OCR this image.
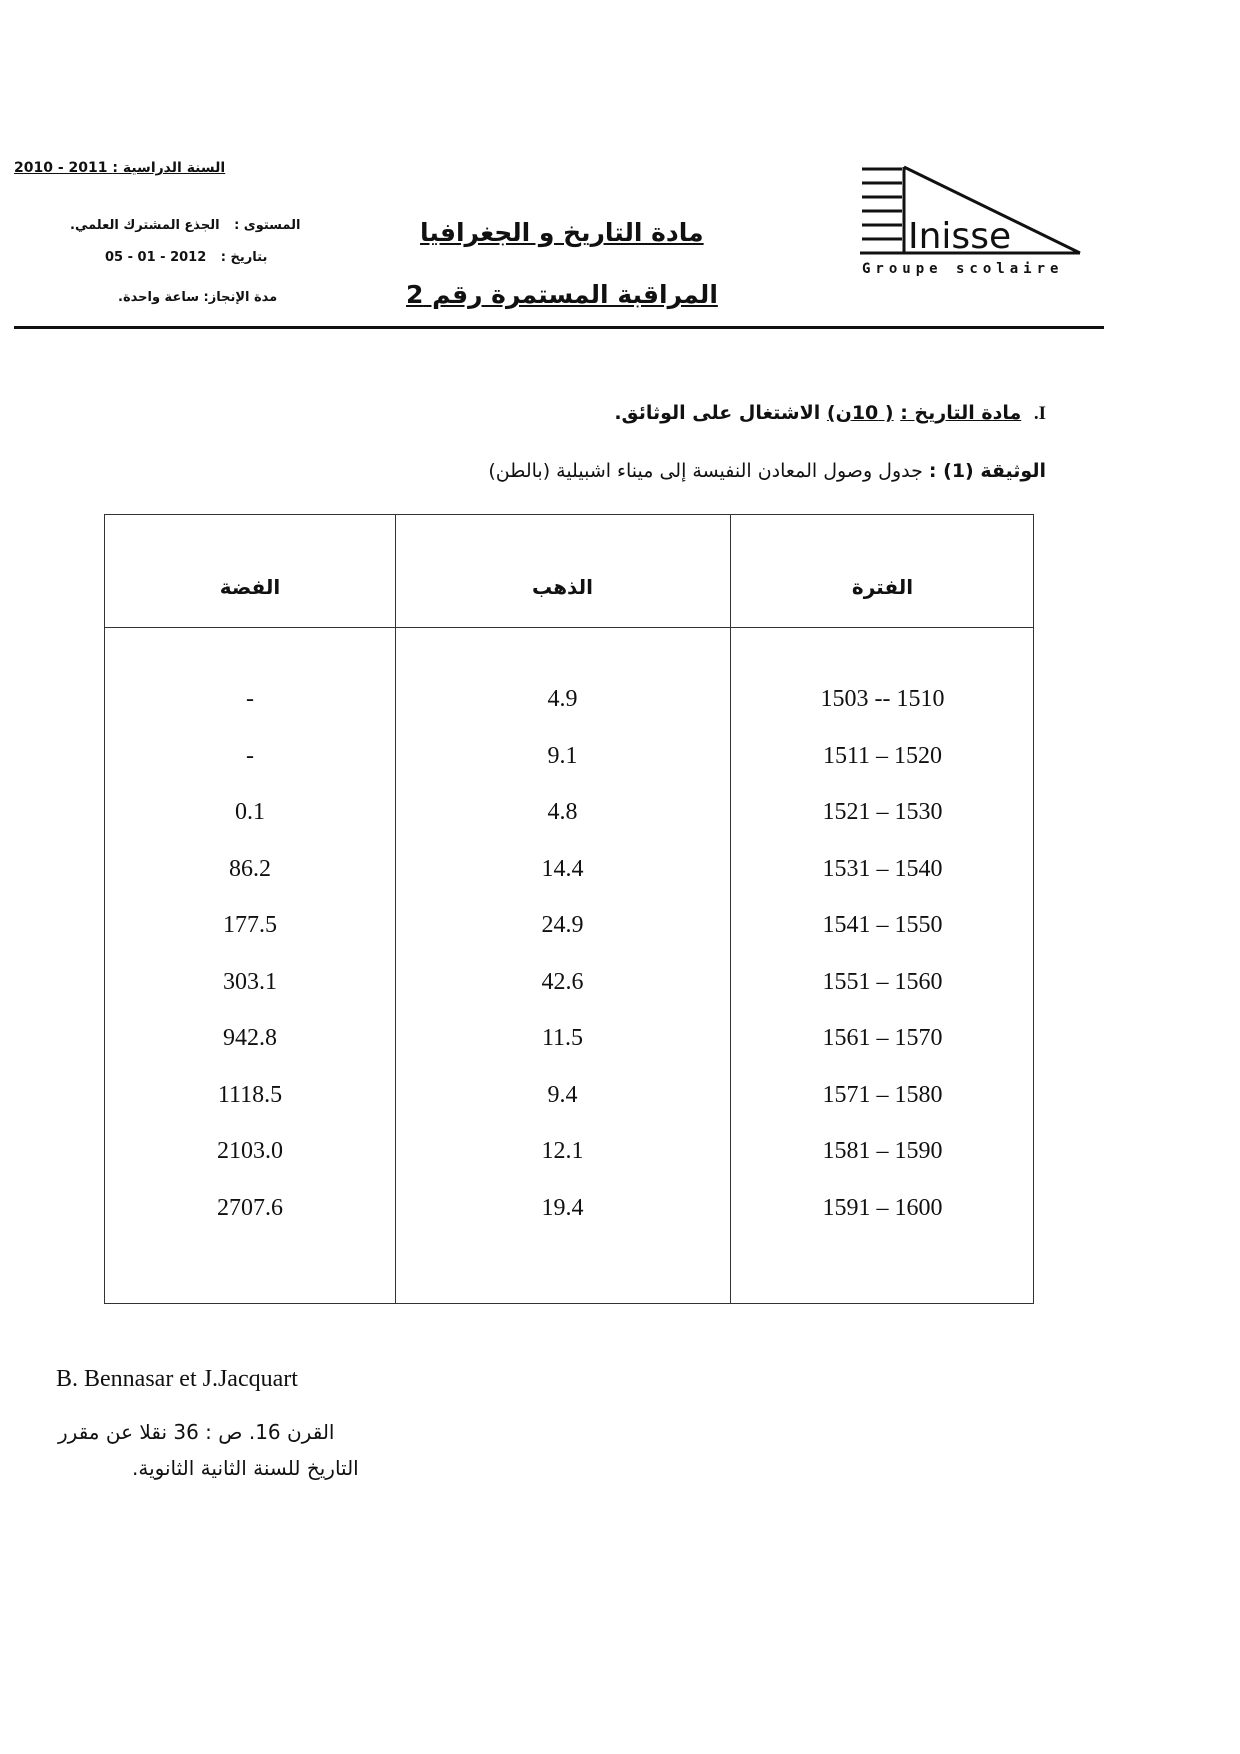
السنة الدراسية : 2010 - 2011
المستوى : الجذع المشترك العلمي.
بتاريخ : 05 - 01 - 2012
مدة الإنجاز: ساعة واحدة.
مادة التاريخ و الجغرافيا
المراقبة المستمرة رقم 2
Inisse
Groupe scolaire
I. مادة التاريخ : ( 10ن) الاشتغال على الوثائق.
الوثيقة (1) : جدول وصول المعادن النفيسة إلى ميناء اشبيلية (بالطن)
الفضة	الذهب	الفترة
-	4.9	1503 -- 1510
-	9.1	1511 – 1520
0.1	4.8	1521 – 1530
86.2	14.4	1531 – 1540
177.5	24.9	1541 – 1550
303.1	42.6	1551 – 1560
942.8	11.5	1561 – 1570
1118.5	9.4	1571 – 1580
2103.0	12.1	1581 – 1590
2707.6	19.4	1591 – 1600
B. Bennasar et J.Jacquart
القرن 16. ص : 36 نقلا عن مقرر
التاريخ للسنة الثانية الثانوية.
